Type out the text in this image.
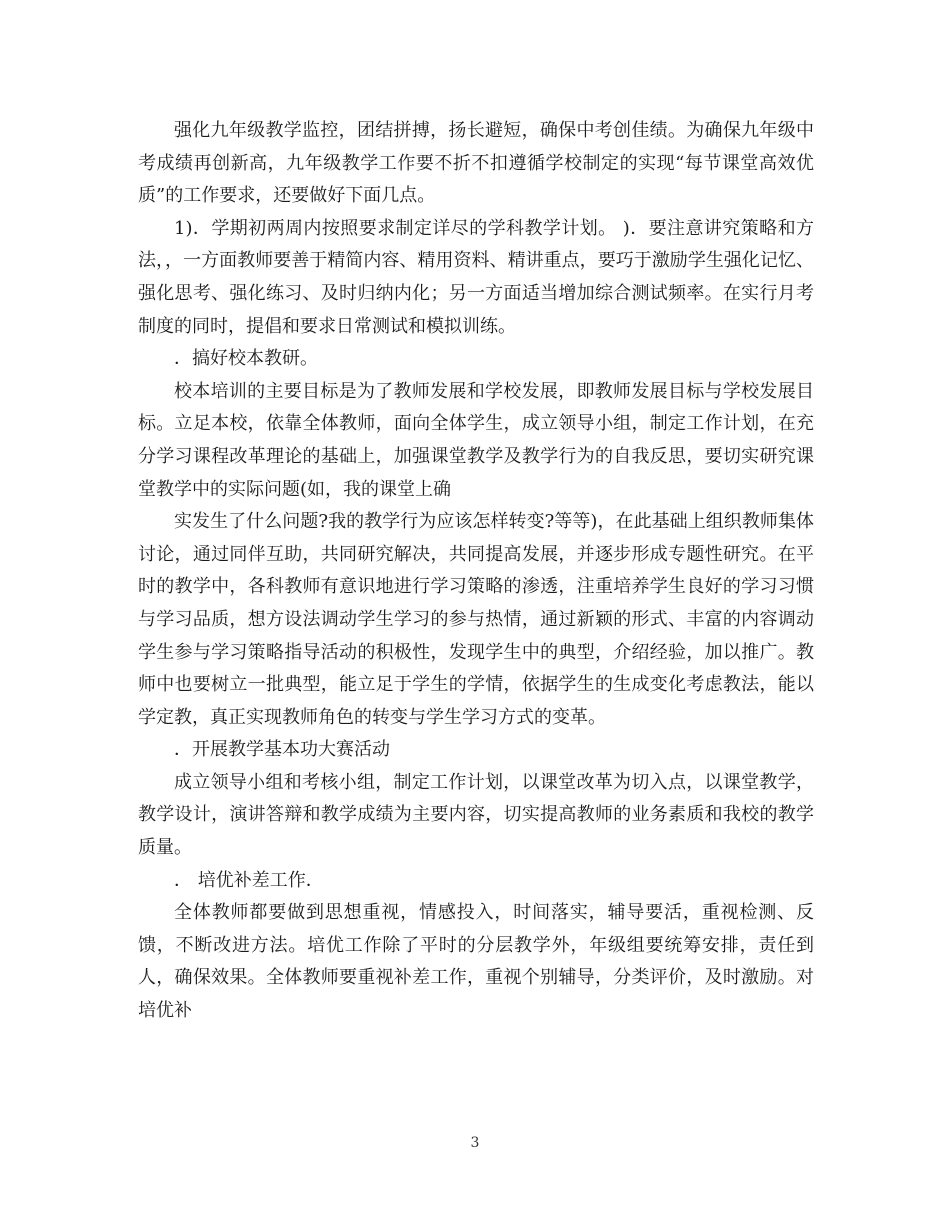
强化九年级教学监控，团结拼搏，扬长避短，确保中考创佳绩。为确保九年级中考成绩再创新高，九年级教学工作要不折不扣遵循学校制定的实现“每节课堂高效优质”的工作要求，还要做好下面几点。

1)．学期初两周内按照要求制定详尽的学科教学计划。 )．要注意讲究策略和方法，，一方面教师要善于精简内容、精用资料、精讲重点，要巧于激励学生强化记忆、强化思考、强化练习、及时归纳内化；另一方面适当增加综合测试频率。在实行月考制度的同时，提倡和要求日常测试和模拟训练。

．搞好校本教研。

校本培训的主要目标是为了教师发展和学校发展，即教师发展目标与学校发展目标。立足本校，依靠全体教师，面向全体学生，成立领导小组，制定工作计划，在充分学习课程改革理论的基础上，加强课堂教学及教学行为的自我反思，要切实研究课堂教学中的实际问题(如，我的课堂上确

实发生了什么问题?我的教学行为应该怎样转变?等等)，在此基础上组织教师集体讨论，通过同伴互助，共同研究解决，共同提高发展，并逐步形成专题性研究。在平时的教学中，各科教师有意识地进行学习策略的渗透，注重培养学生良好的学习习惯与学习品质，想方设法调动学生学习的参与热情，通过新颖的形式、丰富的内容调动学生参与学习策略指导活动的积极性，发现学生中的典型，介绍经验，加以推广。教师中也要树立一批典型，能立足于学生的学情，依据学生的生成变化考虑教法，能以学定教，真正实现教师角色的转变与学生学习方式的变革。

．开展教学基本功大赛活动

成立领导小组和考核小组，制定工作计划，以课堂改革为切入点，以课堂教学，教学设计，演讲答辩和教学成绩为主要内容，切实提高教师的业务素质和我校的教学质量。

． 培优补差工作．

全体教师都要做到思想重视，情感投入，时间落实，辅导要活，重视检测、反馈，不断改进方法。培优工作除了平时的分层教学外，年级组要统筹安排，责任到人，确保效果。全体教师要重视补差工作，重视个别辅导，分类评价，及时激励。对培优补

3
